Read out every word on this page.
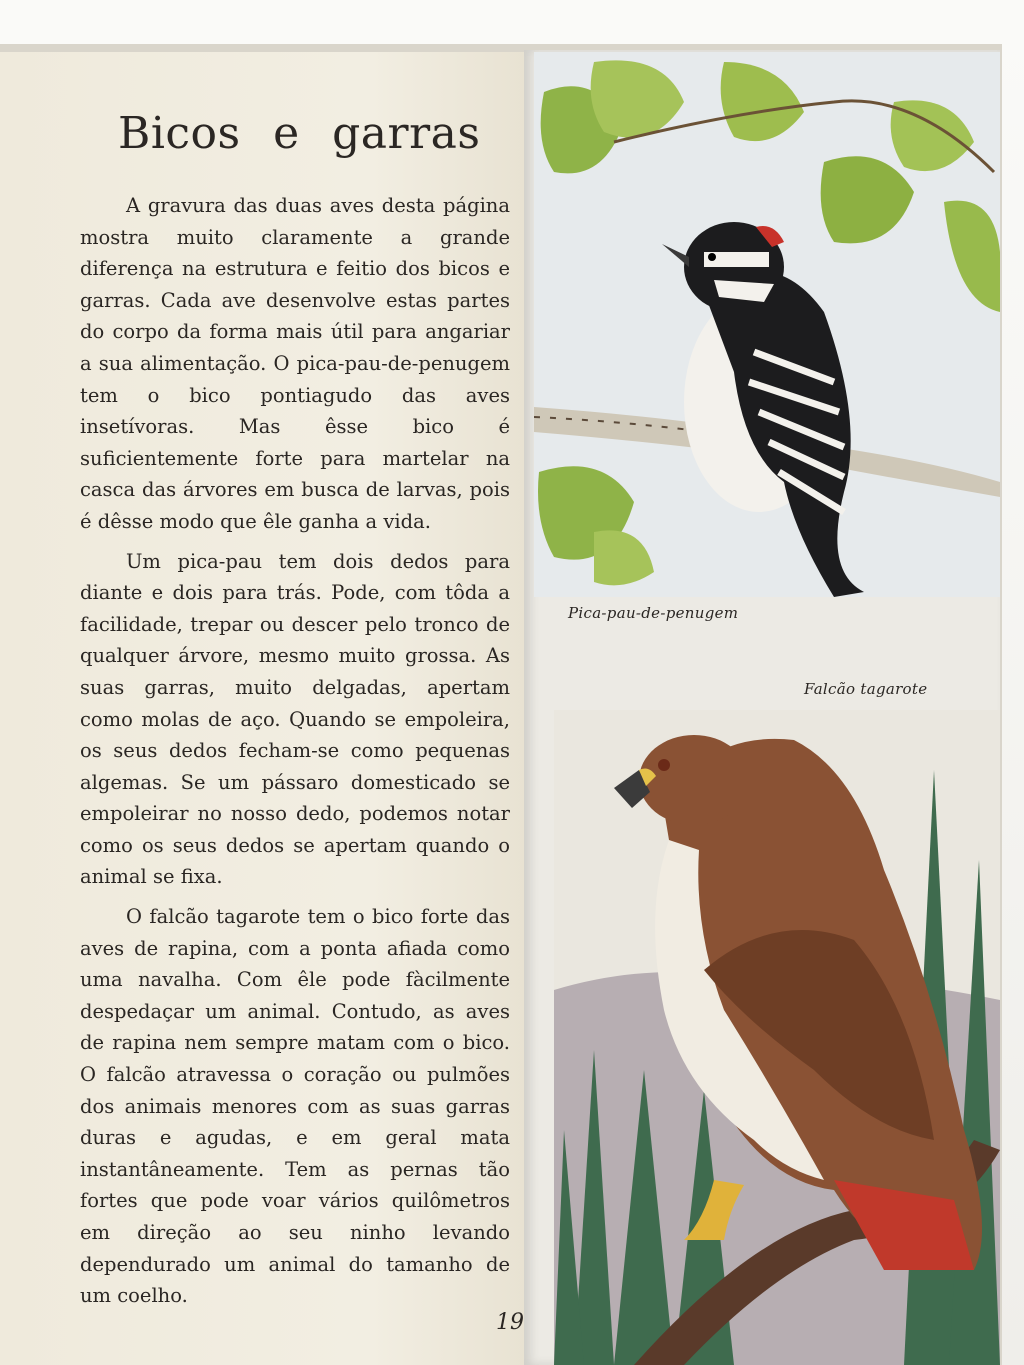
Bicos e garras

A gravura das duas aves desta página mostra muito claramente a grande diferença na estrutura e feitio dos bicos e garras. Cada ave desenvolve estas partes do corpo da forma mais útil para angariar a sua alimentação. O pica-pau-de-penugem tem o bico pontiagudo das aves insetívoras. Mas êsse bico é suficientemente forte para martelar na casca das árvores em busca de larvas, pois é dêsse modo que êle ganha a vida.

Um pica-pau tem dois dedos para diante e dois para trás. Pode, com tôda a facilidade, trepar ou descer pelo tronco de qualquer árvore, mesmo muito grossa. As suas garras, muito delgadas, apertam como molas de aço. Quando se empoleira, os seus dedos fecham-se como pequenas algemas. Se um pássaro domesticado se empoleirar no nosso dedo, podemos notar como os seus dedos se apertam quando o animal se fixa.

O falcão tagarote tem o bico forte das aves de rapina, com a ponta afiada como uma navalha. Com êle pode fàcilmente despedaçar um animal. Contudo, as aves de rapina nem sempre matam com o bico. O falcão atravessa o coração ou pulmões dos animais menores com as suas garras duras e agudas, e em geral mata instantâneamente. Tem as pernas tão fortes que pode voar vários quilômetros em direção ao seu ninho levando dependurado um animal do tamanho de um coelho.

19
Pica-pau-de-penugem
Falcão tagarote
